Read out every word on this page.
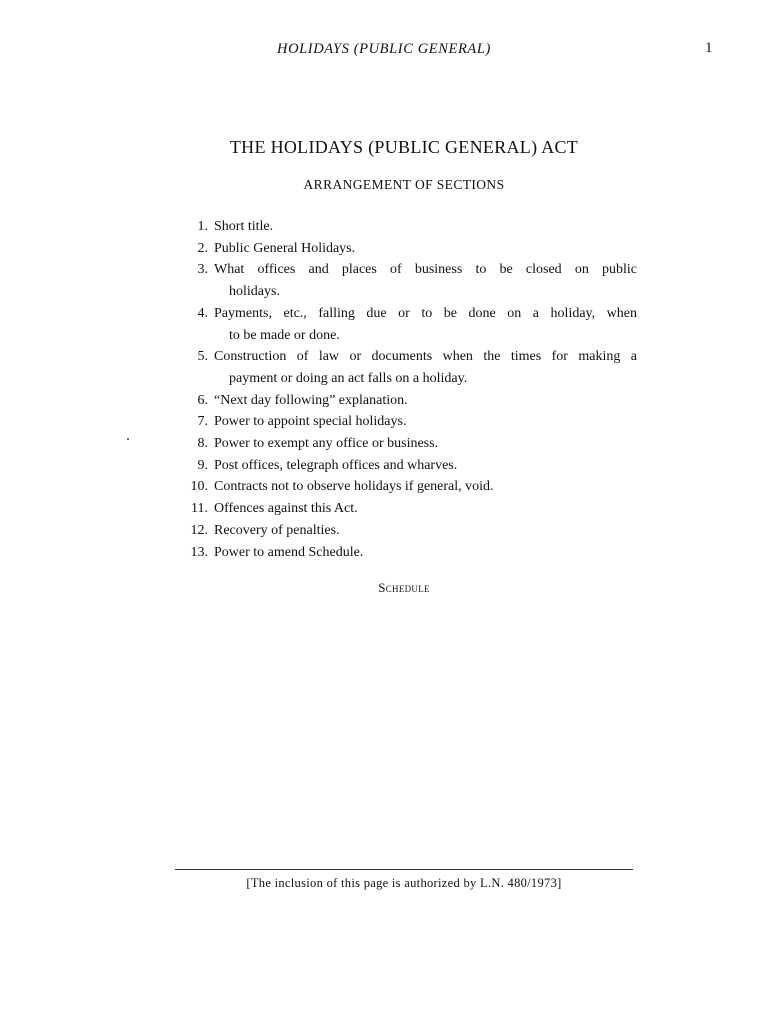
HOLIDAYS (PUBLIC GENERAL)	1
THE HOLIDAYS (PUBLIC GENERAL) ACT
ARRANGEMENT OF SECTIONS
1. Short title.
2. Public General Holidays.
3. What offices and places of business to be closed on public
holidays.
4. Payments, etc., falling due or to be done on a holiday, when
to be made or done.
5. Construction of law or documents when the times for making a
payment or doing an act falls on a holiday.
6. “Next day following” explanation.
7. Power to appoint special holidays.
8. Power to exempt any office or business.
9. Post offices, telegraph offices and wharves.
10. Contracts not to observe holidays if general, void.
11. Offences against this Act.
12. Recovery of penalties.
13. Power to amend Schedule.
Schedule
[The inclusion of this page is authorized by L.N. 480/1973]
